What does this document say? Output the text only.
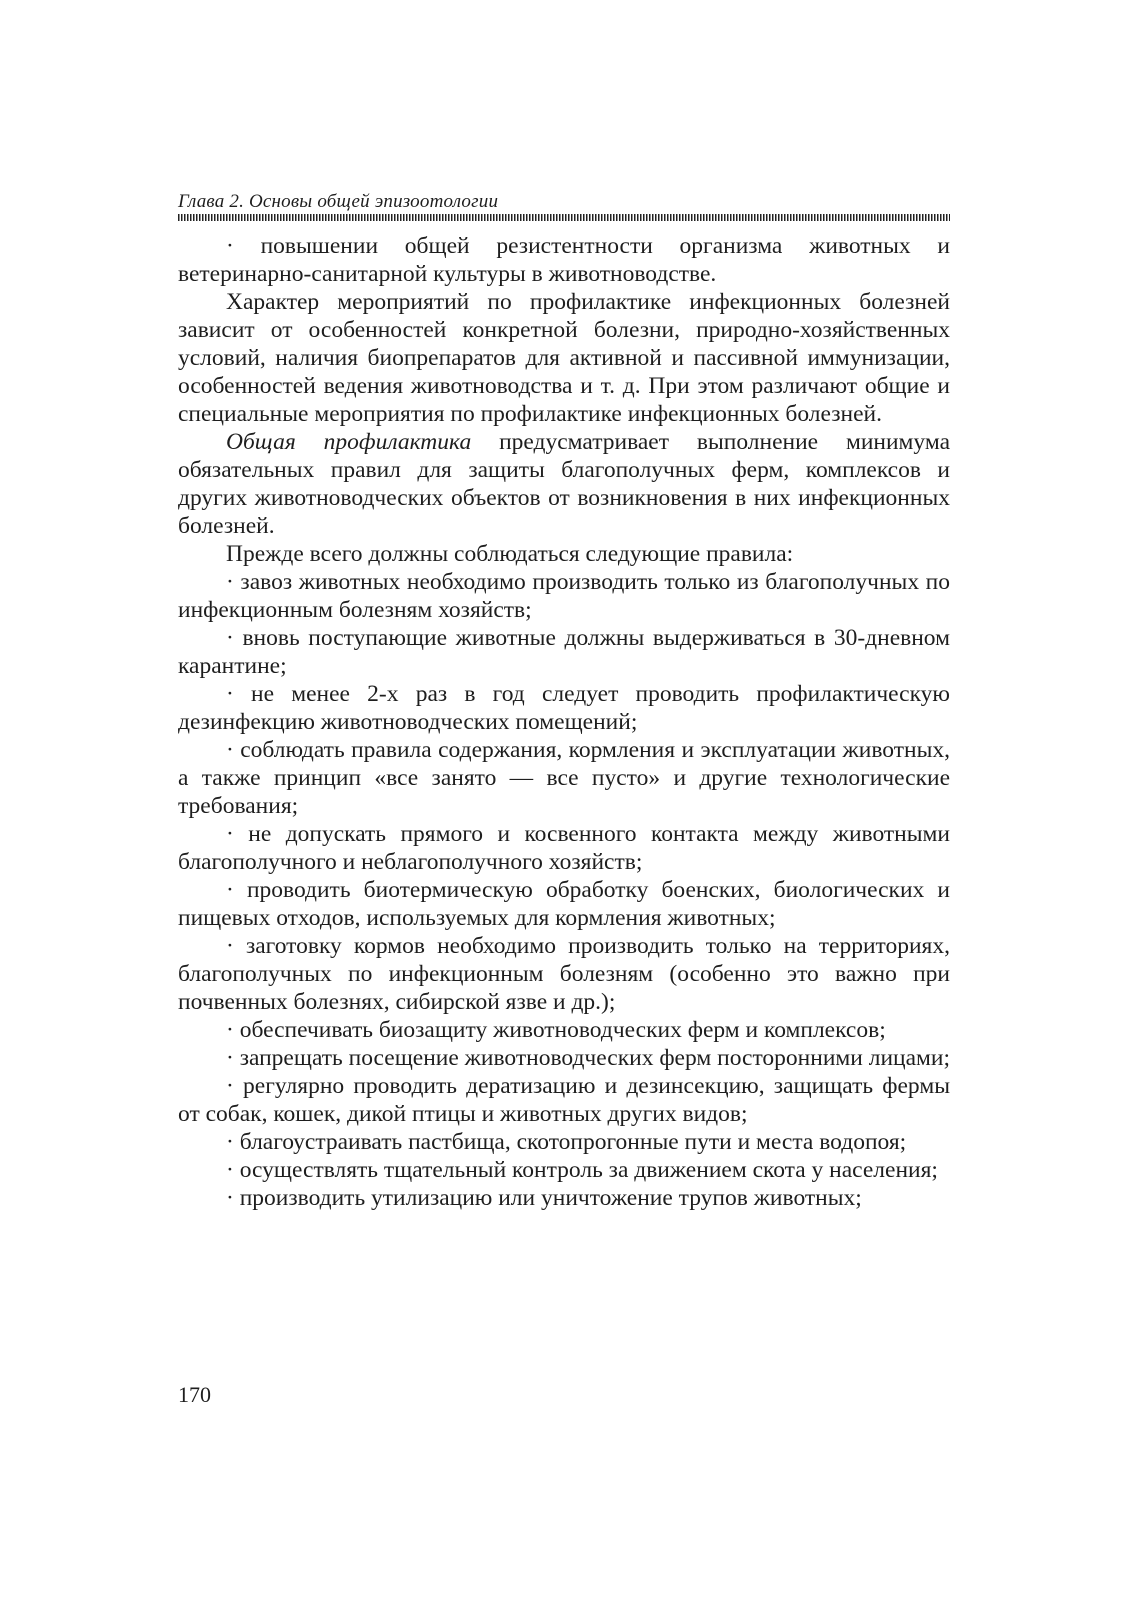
Глава 2. Основы общей эпизоотологии

· повышении общей резистентности организма животных и ветеринарно-санитарной культуры в животноводстве.

Характер мероприятий по профилактике инфекционных болезней зависит от особенностей конкретной болезни, природно-хозяйственных условий, наличия биопрепаратов для активной и пассивной иммунизации, особенностей ведения животноводства и т. д. При этом различают общие и специальные мероприятия по профилактике инфекционных болезней.

Общая профилактика предусматривает выполнение минимума обязательных правил для защиты благополучных ферм, комплексов и других животноводческих объектов от возникновения в них инфекционных болезней.

Прежде всего должны соблюдаться следующие правила:

· завоз животных необходимо производить только из благополучных по инфекционным болезням хозяйств;

· вновь поступающие животные должны выдерживаться в 30-дневном карантине;

· не менее 2-х раз в год следует проводить профилактическую дезинфекцию животноводческих помещений;

· соблюдать правила содержания, кормления и эксплуатации животных, а также принцип «все занято — все пусто» и другие технологические требования;

· не допускать прямого и косвенного контакта между животными благополучного и неблагополучного хозяйств;

· проводить биотермическую обработку боенских, биологических и пищевых отходов, используемых для кормления животных;

· заготовку кормов необходимо производить только на территориях, благополучных по инфекционным болезням (особенно это важно при почвенных болезнях, сибирской язве и др.);

· обеспечивать биозащиту животноводческих ферм и комплексов;

· запрещать посещение животноводческих ферм посторонними лицами;

· регулярно проводить дератизацию и дезинсекцию, защищать фермы от собак, кошек, дикой птицы и животных других видов;

· благоустраивать пастбища, скотопрогонные пути и места водопоя;

· осуществлять тщательный контроль за движением скота у населения;

· производить утилизацию или уничтожение трупов животных;

170
